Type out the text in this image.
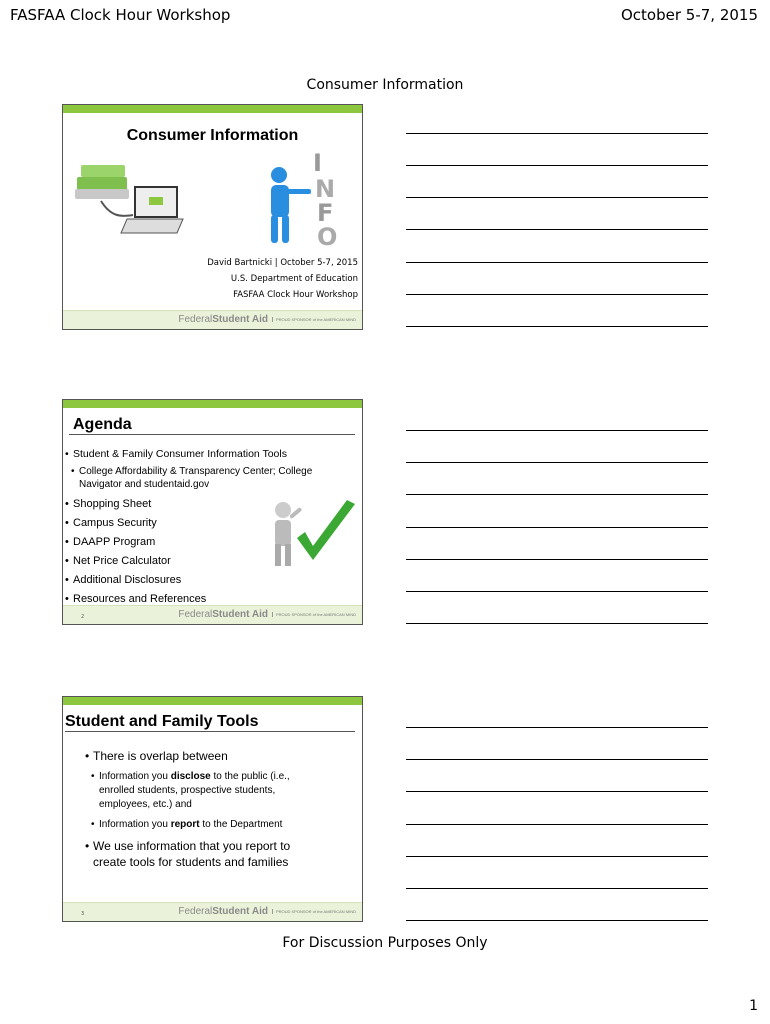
FASFAA Clock Hour Workshop	October 5-7, 2015
Consumer Information
Consumer Information
I
N
F
O
David Bartnicki | October 5-7, 2015
U.S. Department of Education
FASFAA Clock Hour Workshop
FederalStudent Aid	PROUD SPONSOR of the AMERICAN MIND
Agenda
• Student & Family Consumer Information Tools
• College Affordability & Transparency Center; College
Navigator and studentaid.gov
• Shopping Sheet
• Campus Security
• DAAPP Program
• Net Price Calculator
• Additional Disclosures
• Resources and References
2	FederalStudent Aid	PROUD SPONSOR of the AMERICAN MIND
Student and Family Tools
• There is overlap between
• Information you disclose to the public (i.e.,
enrolled students, prospective students,
employees, etc.) and
• Information you report to the Department
• We use information that you report to
create tools for students and families
3	FederalStudent Aid	PROUD SPONSOR of the AMERICAN MIND
For Discussion Purposes Only
1
